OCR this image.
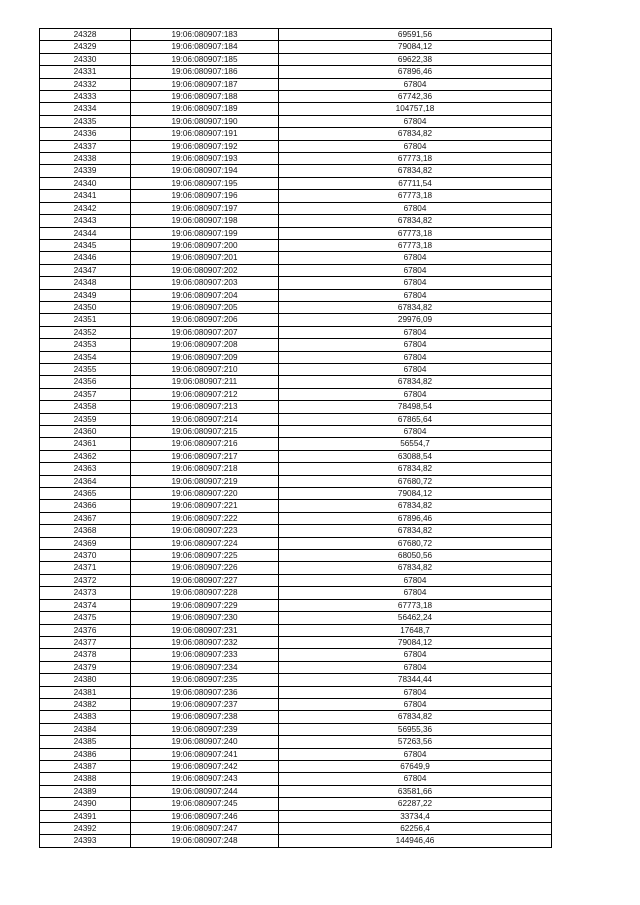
24328	19:06:080907:183	69591,56
24329	19:06:080907:184	79084,12
24330	19:06:080907:185	69622,38
24331	19:06:080907:186	67896,46
24332	19:06:080907:187	67804
24333	19:06:080907:188	67742,36
24334	19:06:080907:189	104757,18
24335	19:06:080907:190	67804
24336	19:06:080907:191	67834,82
24337	19:06:080907:192	67804
24338	19:06:080907:193	67773,18
24339	19:06:080907:194	67834,82
24340	19:06:080907:195	67711,54
24341	19:06:080907:196	67773,18
24342	19:06:080907:197	67804
24343	19:06:080907:198	67834,82
24344	19:06:080907:199	67773,18
24345	19:06:080907:200	67773,18
24346	19:06:080907:201	67804
24347	19:06:080907:202	67804
24348	19:06:080907:203	67804
24349	19:06:080907:204	67804
24350	19:06:080907:205	67834,82
24351	19:06:080907:206	29976,09
24352	19:06:080907:207	67804
24353	19:06:080907:208	67804
24354	19:06:080907:209	67804
24355	19:06:080907:210	67804
24356	19:06:080907:211	67834,82
24357	19:06:080907:212	67804
24358	19:06:080907:213	78498,54
24359	19:06:080907:214	67865,64
24360	19:06:080907:215	67804
24361	19:06:080907:216	56554,7
24362	19:06:080907:217	63088,54
24363	19:06:080907:218	67834,82
24364	19:06:080907:219	67680,72
24365	19:06:080907:220	79084,12
24366	19:06:080907:221	67834,82
24367	19:06:080907:222	67896,46
24368	19:06:080907:223	67834,82
24369	19:06:080907:224	67680,72
24370	19:06:080907:225	68050,56
24371	19:06:080907:226	67834,82
24372	19:06:080907:227	67804
24373	19:06:080907:228	67804
24374	19:06:080907:229	67773,18
24375	19:06:080907:230	56462,24
24376	19:06:080907:231	17648,7
24377	19:06:080907:232	79084,12
24378	19:06:080907:233	67804
24379	19:06:080907:234	67804
24380	19:06:080907:235	78344,44
24381	19:06:080907:236	67804
24382	19:06:080907:237	67804
24383	19:06:080907:238	67834,82
24384	19:06:080907:239	56955,36
24385	19:06:080907:240	57263,56
24386	19:06:080907:241	67804
24387	19:06:080907:242	67649,9
24388	19:06:080907:243	67804
24389	19:06:080907:244	63581,66
24390	19:06:080907:245	62287,22
24391	19:06:080907:246	33734,4
24392	19:06:080907:247	62256,4
24393	19:06:080907:248	144946,46
